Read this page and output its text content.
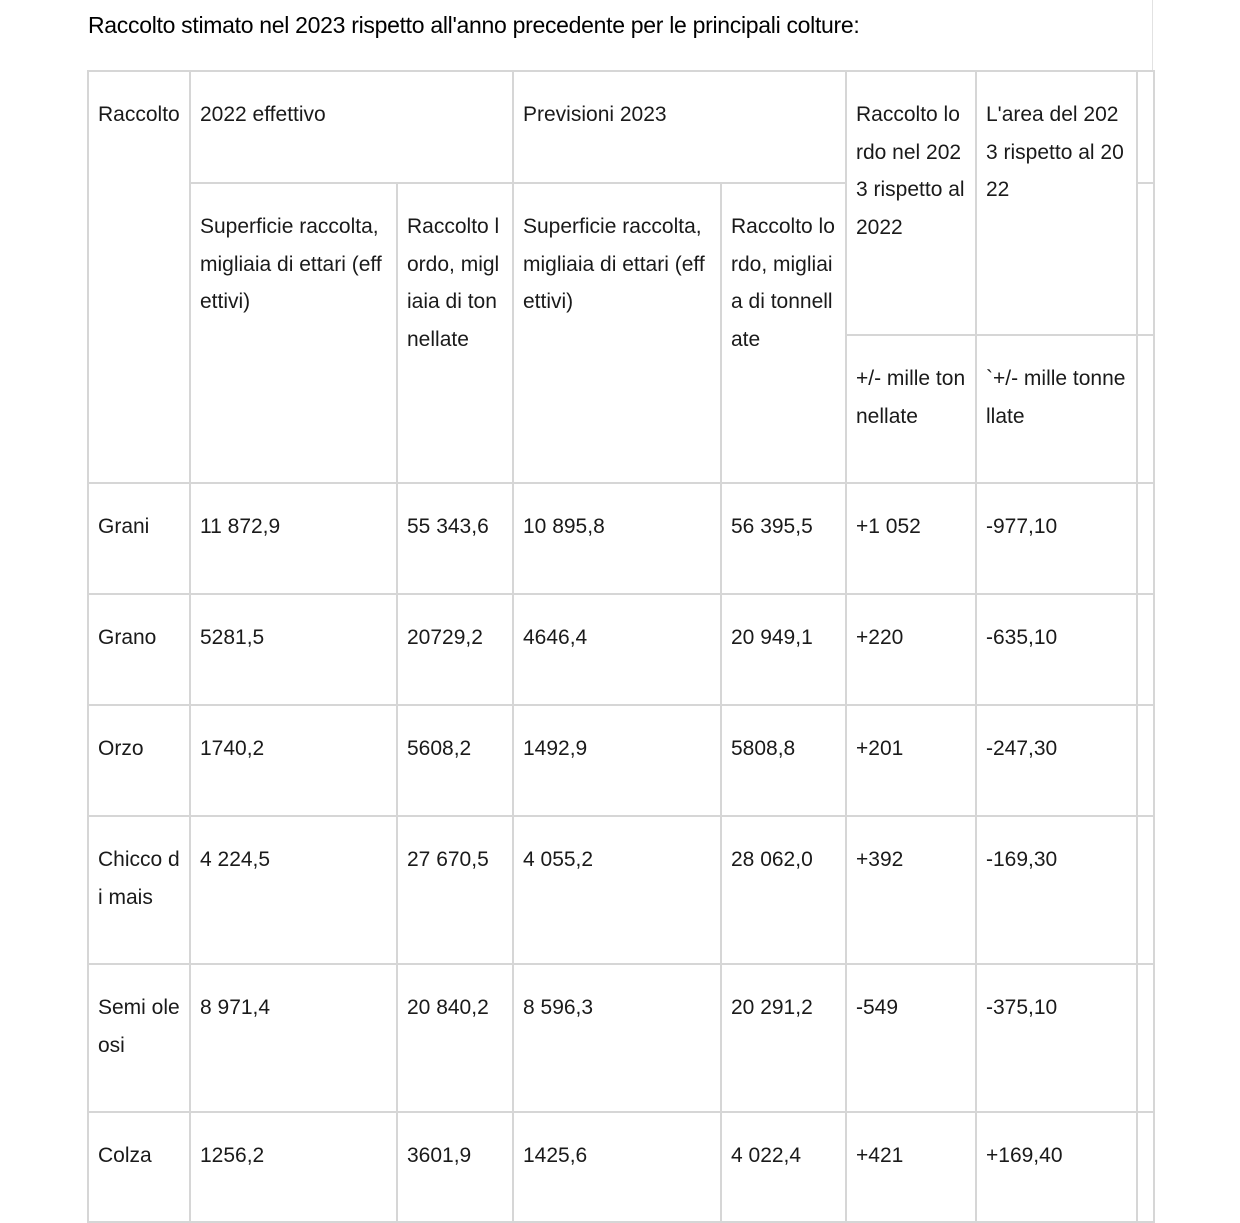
Raccolto stimato nel 2023 rispetto all'anno precedente per le principali colture:
Raccolto	2022 effettivo		Previsioni 2023		Raccolto lordo nel 2023 rispetto al 2022	L'area del 2023 rispetto al 2022	
	Superficie raccolta, migliaia di ettari (effettivi)	Raccolto lordo, migliaia di tonnellate	Superficie raccolta, migliaia di ettari (effettivi)	Raccolto lordo, migliaia di tonnellate			
					+/- mille tonnellate	`+/- mille tonnellate	
Grani	11 872,9	55 343,6	10 895,8	56 395,5	+1 052	-977,10	
Grano	5281,5	20729,2	4646,4	20 949,1	+220	-635,10	
Orzo	1740,2	5608,2	1492,9	5808,8	+201	-247,30	
Chicco di mais	4 224,5	27 670,5	4 055,2	28 062,0	+392	-169,30	
Semi oleosi	8 971,4	20 840,2	8 596,3	20 291,2	-549	-375,10	
Colza	1256,2	3601,9	1425,6	4 022,4	+421	+169,40	
